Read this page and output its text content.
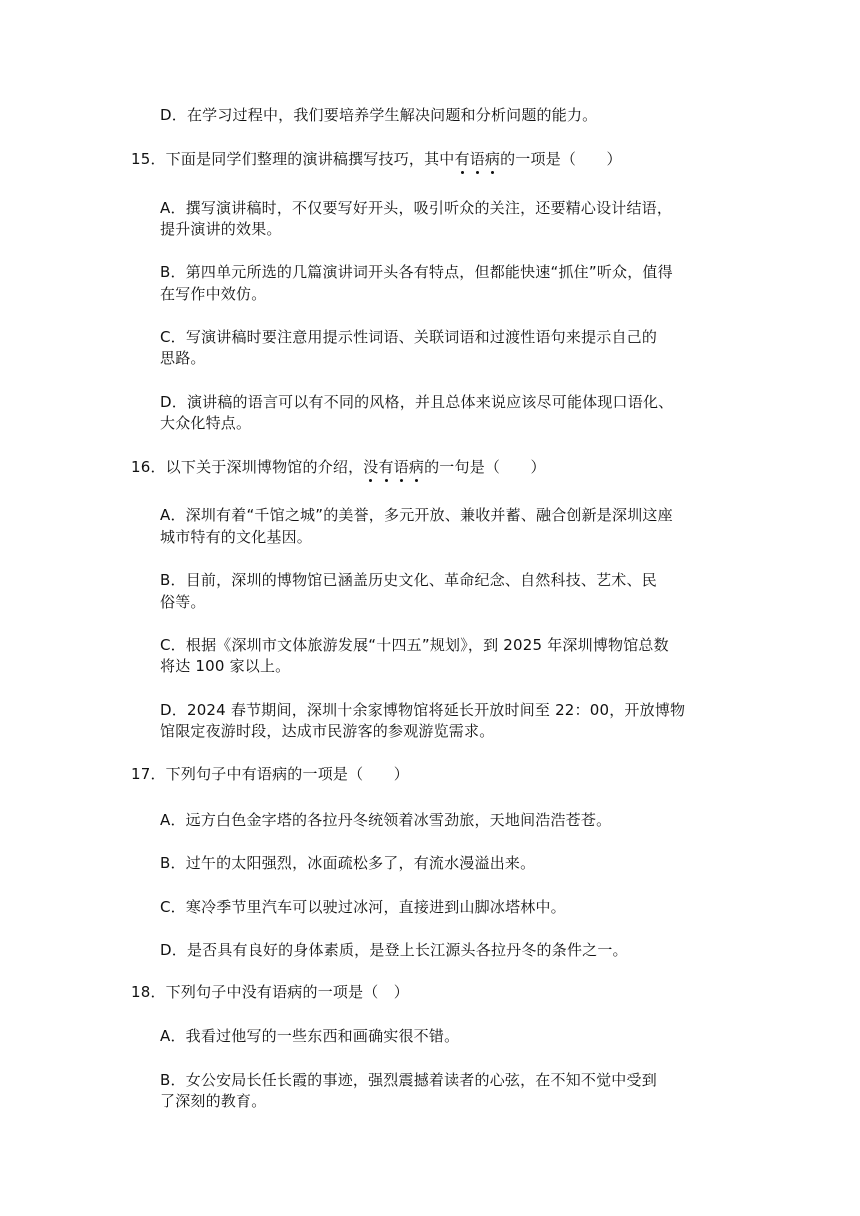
D．在学习过程中，我们要培养学生解决问题和分析问题的能力。
15．下面是同学们整理的演讲稿撰写技巧，其中有语病的一项是（　　）
A．撰写演讲稿时，不仅要写好开头，吸引听众的关注，还要精心设计结语，
提升演讲的效果。
B．第四单元所选的几篇演讲词开头各有特点，但都能快速“抓住”听众，值得
在写作中效仿。
C．写演讲稿时要注意用提示性词语、关联词语和过渡性语句来提示自己的
思路。
D．演讲稿的语言可以有不同的风格，并且总体来说应该尽可能体现口语化、
大众化特点。
16．以下关于深圳博物馆的介绍，没有语病的一句是（　　）
A．深圳有着“千馆之城”的美誉，多元开放、兼收并蓄、融合创新是深圳这座
城市特有的文化基因。
B．目前，深圳的博物馆已涵盖历史文化、革命纪念、自然科技、艺术、民
俗等。
C．根据《深圳市文体旅游发展“十四五”规划》，到 2025 年深圳博物馆总数
将达 100 家以上。
D．2024 春节期间，深圳十余家博物馆将延长开放时间至 22：00，开放博物
馆限定夜游时段，达成市民游客的参观游览需求。
17．下列句子中有语病的一项是（　　）
A．远方白色金字塔的各拉丹冬统领着冰雪劲旅，天地间浩浩苍苍。
B．过午的太阳强烈，冰面疏松多了，有流水漫溢出来。
C．寒冷季节里汽车可以驶过冰河，直接进到山脚冰塔林中。
D．是否具有良好的身体素质，是登上长江源头各拉丹冬的条件之一。
18．下列句子中没有语病的一项是（　）
A．我看过他写的一些东西和画确实很不错。
B．女公安局长任长霞的事迹，强烈震撼着读者的心弦，在不知不觉中受到
了深刻的教育。
